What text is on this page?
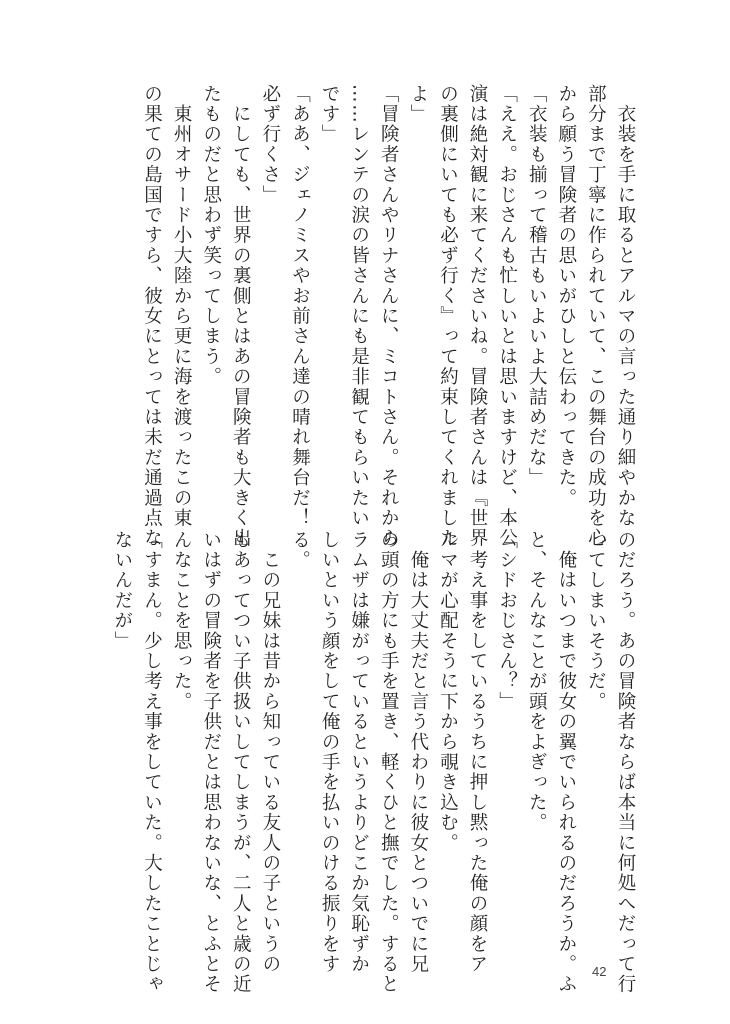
　衣装を手に取るとアルマの言った通り細やかな
部分まで丁寧に作られていて、この舞台の成功を心
から願う冒険者の思いがひしと伝わってきた。
「衣装も揃って稽古もいよいよ大詰めだな」
「ええ。おじさんも忙しいとは思いますけど、本公
演は絶対観に来てくださいね。冒険者さんは『世界
の裏側にいても必ず行く』って約束してくれました
よ」
「冒険者さんやリナさんに、ミコトさん。それから
……レンテの涙の皆さんにも是非観てもらいたい
です」
「ああ、ジェノミスやお前さん達の晴れ舞台だ！
必ず行くさ」
　にしても、世界の裏側とはあの冒険者も大きく出
たものだと思わず笑ってしまう。
　東州オサード小大陸から更に海を渡ったこの東
の果ての島国ですら、彼女にとっては未だ通過点な
のだろう。あの冒険者ならば本当に何処へだって行
ってしまいそうだ。
　俺はいつまで彼女の翼でいられるのだろうか。ふ
と、そんなことが頭をよぎった。
「シドおじさん？」
　考え事をしているうちに押し黙った俺の顔をア
ルマが心配そうに下から覗き込む。
　俺は大丈夫だと言う代わりに彼女とついでに兄
の頭の方にも手を置き、軽くひと撫でした。すると
ラムザは嫌がっているというよりどこか気恥ずか
しいという顔をして俺の手を払いのける振りをす
る。
　この兄妹は昔から知っている友人の子というの
もあってつい子供扱いしてしまうが、二人と歳の近
いはずの冒険者を子供だとは思わないな、とふとそ
んなことを思った。
「すまん。少し考え事をしていた。大したことじゃ
ないんだが」
42
